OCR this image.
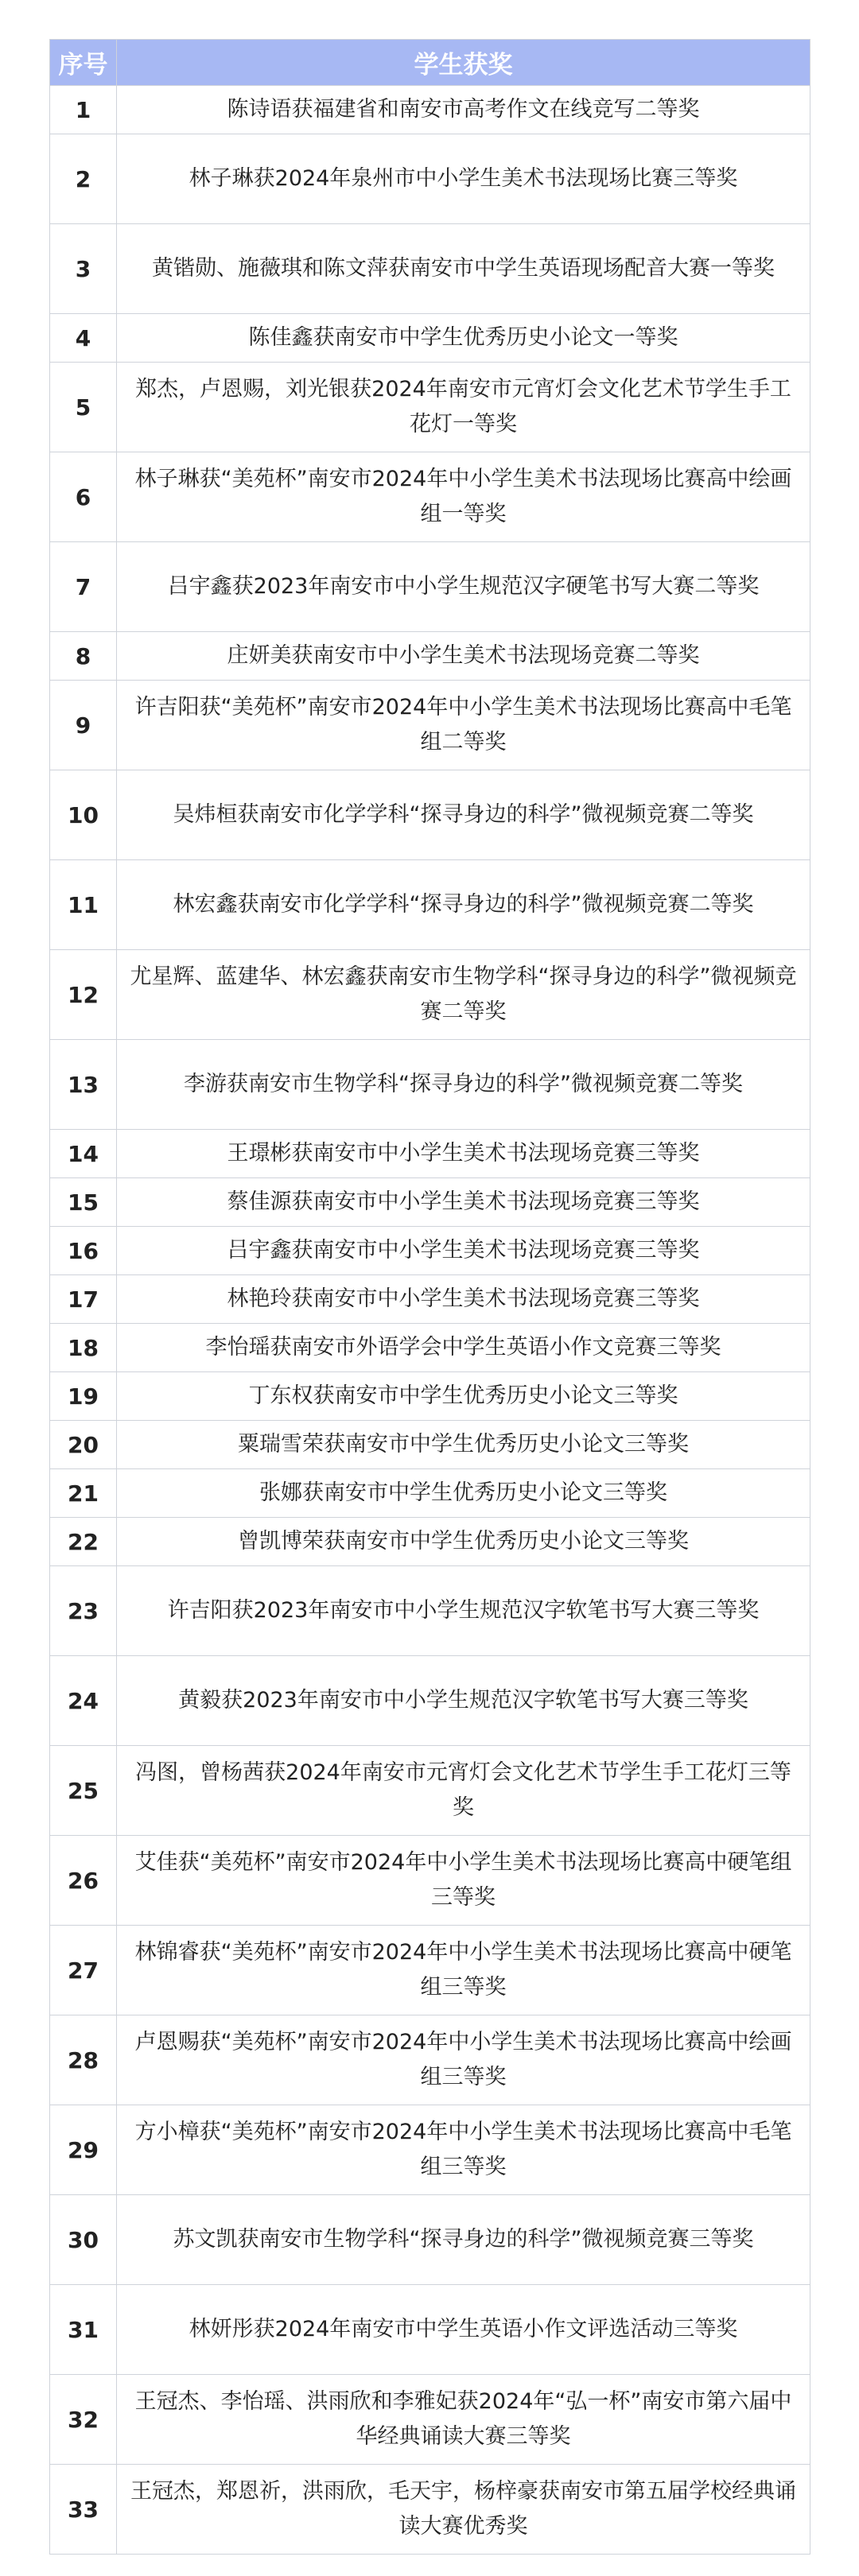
序号	学生获奖
1	陈诗语获福建省和南安市高考作文在线竞写二等奖
2	林子琳获2024年泉州市中小学生美术书法现场比赛三等奖
3	黄锴勋、施薇琪和陈文萍获南安市中学生英语现场配音大赛一等奖
4	陈佳鑫获南安市中学生优秀历史小论文一等奖
5	郑杰，卢恩赐，刘光银获2024年南安市元宵灯会文化艺术节学生手工花灯一等奖
6	林子琳获“美苑杯”南安市2024年中小学生美术书法现场比赛高中绘画组一等奖
7	吕宇鑫获2023年南安市中小学生规范汉字硬笔书写大赛二等奖
8	庄妍美获南安市中小学生美术书法现场竞赛二等奖
9	许吉阳获“美苑杯”南安市2024年中小学生美术书法现场比赛高中毛笔组二等奖
10	吴炜桓获南安市化学学科“探寻身边的科学”微视频竞赛二等奖
11	林宏鑫获南安市化学学科“探寻身边的科学”微视频竞赛二等奖
12	尤星辉、蓝建华、林宏鑫获南安市生物学科“探寻身边的科学”微视频竞赛二等奖
13	李游获南安市生物学科“探寻身边的科学”微视频竞赛二等奖
14	王璟彬获南安市中小学生美术书法现场竞赛三等奖
15	蔡佳源获南安市中小学生美术书法现场竞赛三等奖
16	吕宇鑫获南安市中小学生美术书法现场竞赛三等奖
17	林艳玲获南安市中小学生美术书法现场竞赛三等奖
18	李怡瑶获南安市外语学会中学生英语小作文竞赛三等奖
19	丁东权获南安市中学生优秀历史小论文三等奖
20	粟瑞雪荣获南安市中学生优秀历史小论文三等奖
21	张娜获南安市中学生优秀历史小论文三等奖
22	曾凯博荣获南安市中学生优秀历史小论文三等奖
23	许吉阳获2023年南安市中小学生规范汉字软笔书写大赛三等奖
24	黄毅获2023年南安市中小学生规范汉字软笔书写大赛三等奖
25	冯图，曾杨茜获2024年南安市元宵灯会文化艺术节学生手工花灯三等奖
26	艾佳获“美苑杯”南安市2024年中小学生美术书法现场比赛高中硬笔组三等奖
27	林锦睿获“美苑杯”南安市2024年中小学生美术书法现场比赛高中硬笔组三等奖
28	卢恩赐获“美苑杯”南安市2024年中小学生美术书法现场比赛高中绘画组三等奖
29	方小樟获“美苑杯”南安市2024年中小学生美术书法现场比赛高中毛笔组三等奖
30	苏文凯获南安市生物学科“探寻身边的科学”微视频竞赛三等奖
31	林妍彤获2024年南安市中学生英语小作文评选活动三等奖
32	王冠杰、李怡瑶、洪雨欣和李雅妃获2024年“弘一杯”南安市第六届中华经典诵读大赛三等奖
33	王冠杰，郑恩祈，洪雨欣，毛天宇，杨梓豪获南安市第五届学校经典诵读大赛优秀奖
